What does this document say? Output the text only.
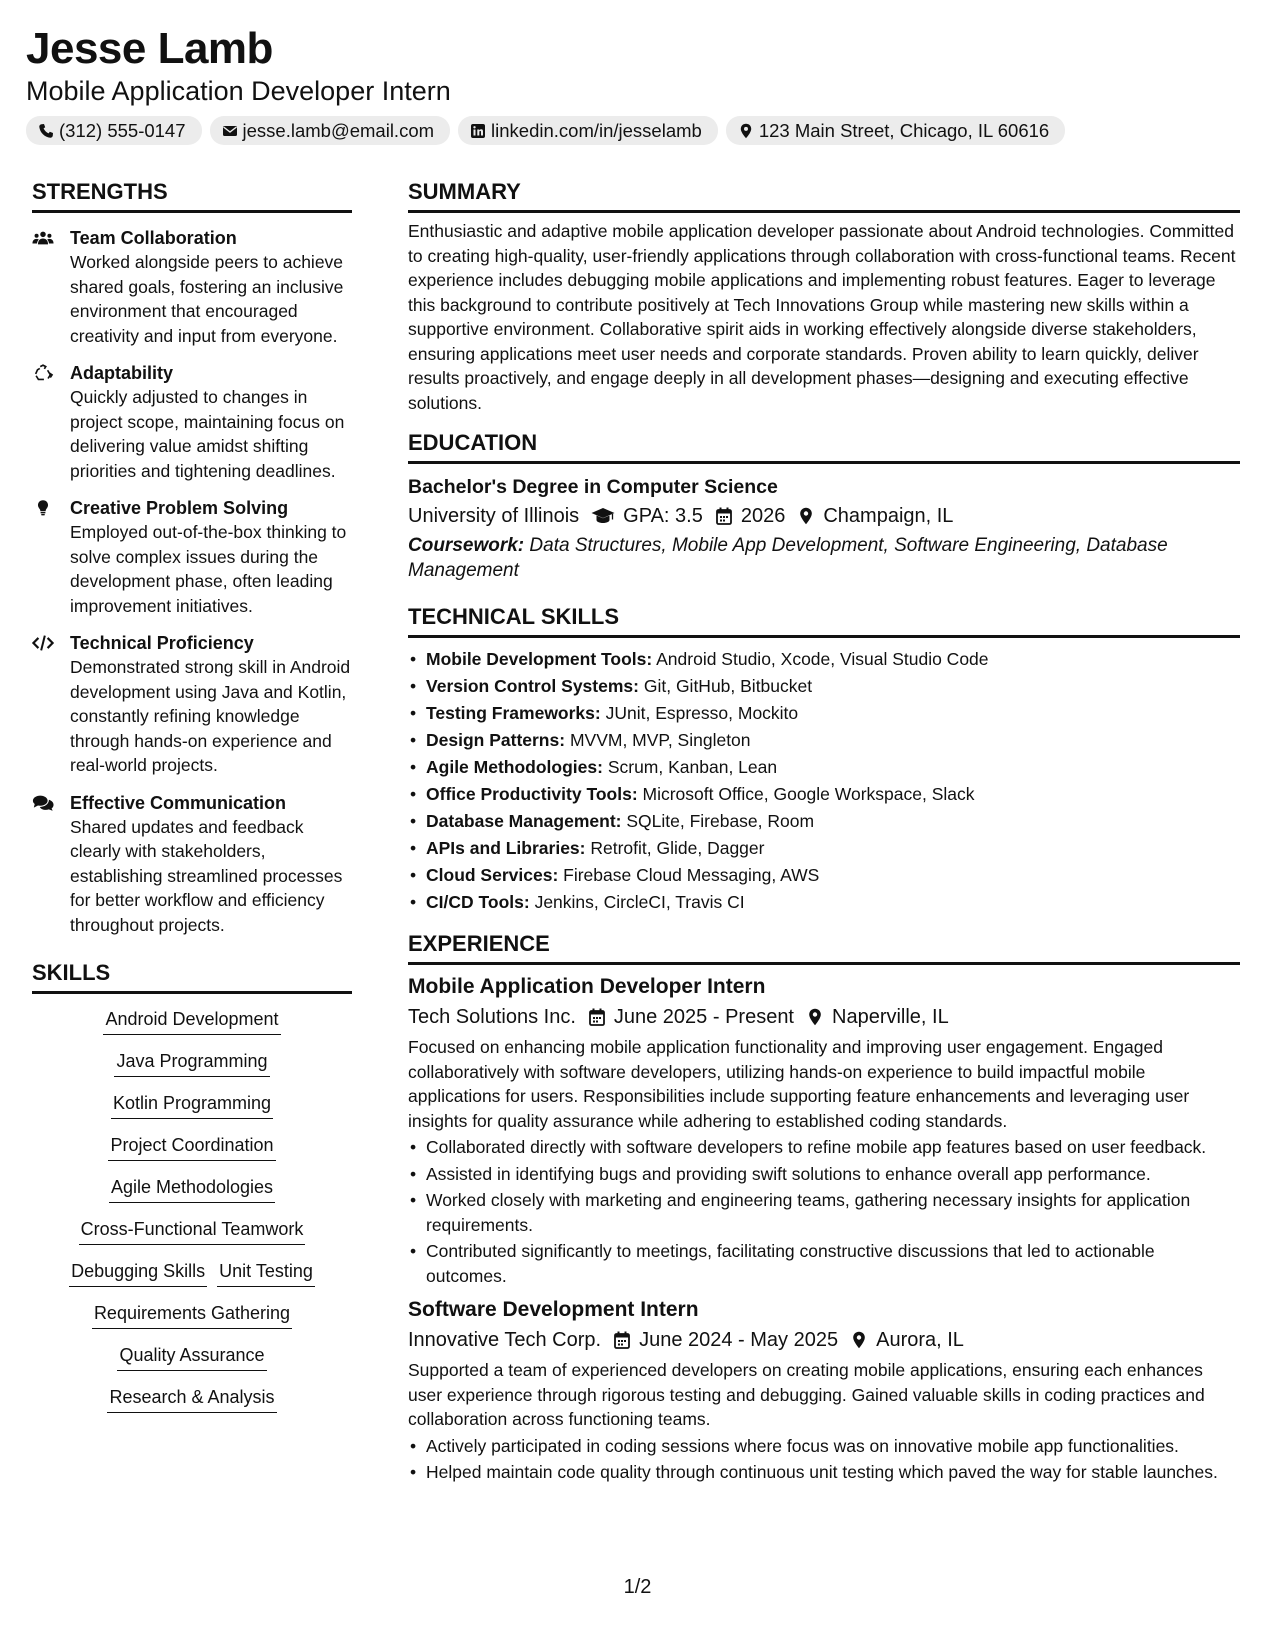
Jesse Lamb
Mobile Application Developer Intern
(312) 555-0147	jesse.lamb@email.com	linkedin.com/in/jesselamb	123 Main Street, Chicago, IL 60616
STRENGTHS
Team Collaboration
Worked alongside peers to achieve shared goals, fostering an inclusive environment that encouraged creativity and input from everyone.
Adaptability
Quickly adjusted to changes in project scope, maintaining focus on delivering value amidst shifting priorities and tightening deadlines.
Creative Problem Solving
Employed out-of-the-box thinking to solve complex issues during the development phase, often leading improvement initiatives.
Technical Proficiency
Demonstrated strong skill in Android development using Java and Kotlin, constantly refining knowledge through hands-on experience and real-world projects.
Effective Communication
Shared updates and feedback clearly with stakeholders, establishing streamlined processes for better workflow and efficiency throughout projects.
SKILLS
Android Development
Java Programming
Kotlin Programming
Project Coordination
Agile Methodologies
Cross-Functional Teamwork
Debugging Skills Unit Testing
Requirements Gathering
Quality Assurance
Research & Analysis
SUMMARY
Enthusiastic and adaptive mobile application developer passionate about Android technologies. Committed to creating high-quality, user-friendly applications through collaboration with cross-functional teams. Recent experience includes debugging mobile applications and implementing robust features. Eager to leverage this background to contribute positively at Tech Innovations Group while mastering new skills within a supportive environment. Collaborative spirit aids in working effectively alongside diverse stakeholders, ensuring applications meet user needs and corporate standards. Proven ability to learn quickly, deliver results proactively, and engage deeply in all development phases—designing and executing effective solutions.
EDUCATION
Bachelor's Degree in Computer Science
University of Illinois GPA: 3.5 2026 Champaign, IL
Coursework: Data Structures, Mobile App Development, Software Engineering, Database Management
TECHNICAL SKILLS
• Mobile Development Tools: Android Studio, Xcode, Visual Studio Code
• Version Control Systems: Git, GitHub, Bitbucket
• Testing Frameworks: JUnit, Espresso, Mockito
• Design Patterns: MVVM, MVP, Singleton
• Agile Methodologies: Scrum, Kanban, Lean
• Office Productivity Tools: Microsoft Office, Google Workspace, Slack
• Database Management: SQLite, Firebase, Room
• APIs and Libraries: Retrofit, Glide, Dagger
• Cloud Services: Firebase Cloud Messaging, AWS
• CI/CD Tools: Jenkins, CircleCI, Travis CI
EXPERIENCE
Mobile Application Developer Intern
Tech Solutions Inc. June 2025 - Present Naperville, IL
Focused on enhancing mobile application functionality and improving user engagement. Engaged collaboratively with software developers, utilizing hands-on experience to build impactful mobile applications for users. Responsibilities include supporting feature enhancements and leveraging user insights for quality assurance while adhering to established coding standards.
• Collaborated directly with software developers to refine mobile app features based on user feedback.
• Assisted in identifying bugs and providing swift solutions to enhance overall app performance.
• Worked closely with marketing and engineering teams, gathering necessary insights for application requirements.
• Contributed significantly to meetings, facilitating constructive discussions that led to actionable outcomes.
Software Development Intern
Innovative Tech Corp. June 2024 - May 2025 Aurora, IL
Supported a team of experienced developers on creating mobile applications, ensuring each enhances user experience through rigorous testing and debugging. Gained valuable skills in coding practices and collaboration across functioning teams.
• Actively participated in coding sessions where focus was on innovative mobile app functionalities.
• Helped maintain code quality through continuous unit testing which paved the way for stable launches.
1/2
